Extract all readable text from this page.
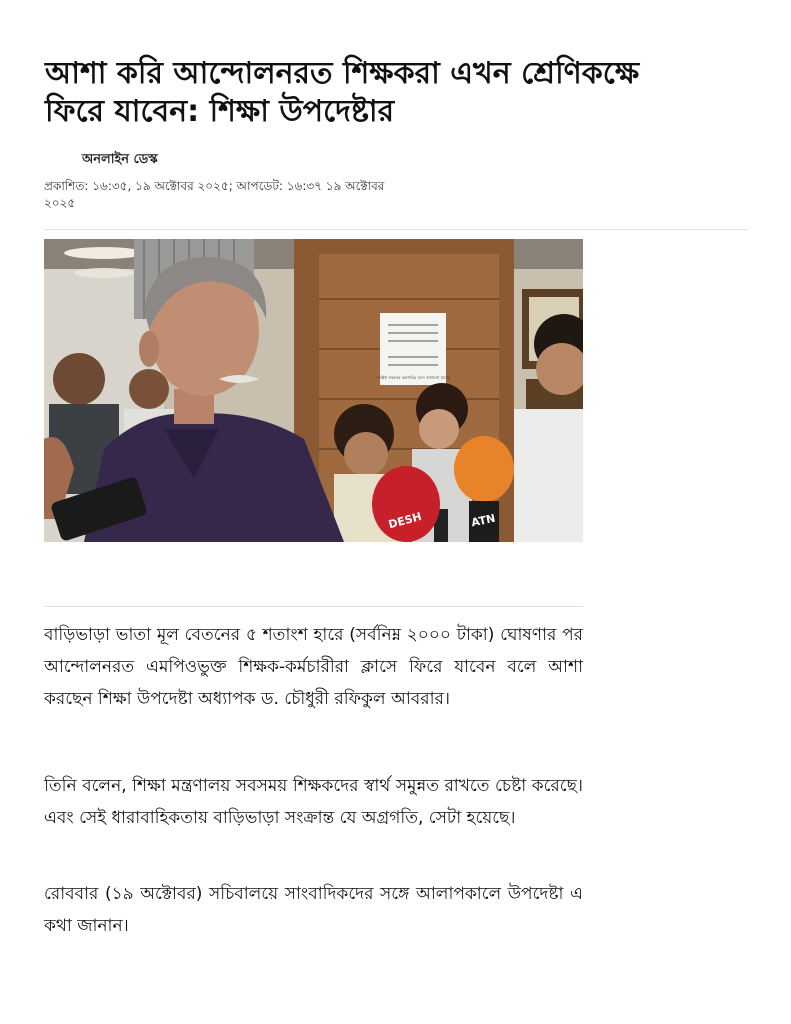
আশা করি আন্দোলনরত শিক্ষকরা এখন শ্রেণিকক্ষে ফিরে যাবেন: শিক্ষা উপদেষ্টার
অনলাইন ডেস্ক
প্রকাশিত: ১৬:৩৫, ১৯ অক্টোবর ২০২৫; আপডেট: ১৬:৩৭ ১৯ অক্টোবর ২০২৫
সংশ্লিষ্ট সকলের অবগতির জন্য জানানো যাচ্ছে
DESH	ATN

বাড়িভাড়া ভাতা মূল বেতনের ৫ শতাংশ হারে (সর্বনিম্ন ২০০০ টাকা) ঘোষণার পর আন্দোলনরত এমপিওভুক্ত শিক্ষক-কর্মচারীরা ক্লাসে ফিরে যাবেন বলে আশা করছেন শিক্ষা উপদেষ্টা অধ্যাপক ড. চৌধুরী রফিকুল আবরার।

তিনি বলেন, শিক্ষা মন্ত্রণালয় সবসময় শিক্ষকদের স্বার্থ সমুন্নত রাখতে চেষ্টা করেছে। এবং সেই ধারাবাহিকতায় বাড়িভাড়া সংক্রান্ত যে অগ্রগতি, সেটা হয়েছে।

রোববার (১৯ অক্টোবর) সচিবালয়ে সাংবাদিকদের সঙ্গে আলাপকালে উপদেষ্টা এ কথা জানান।
